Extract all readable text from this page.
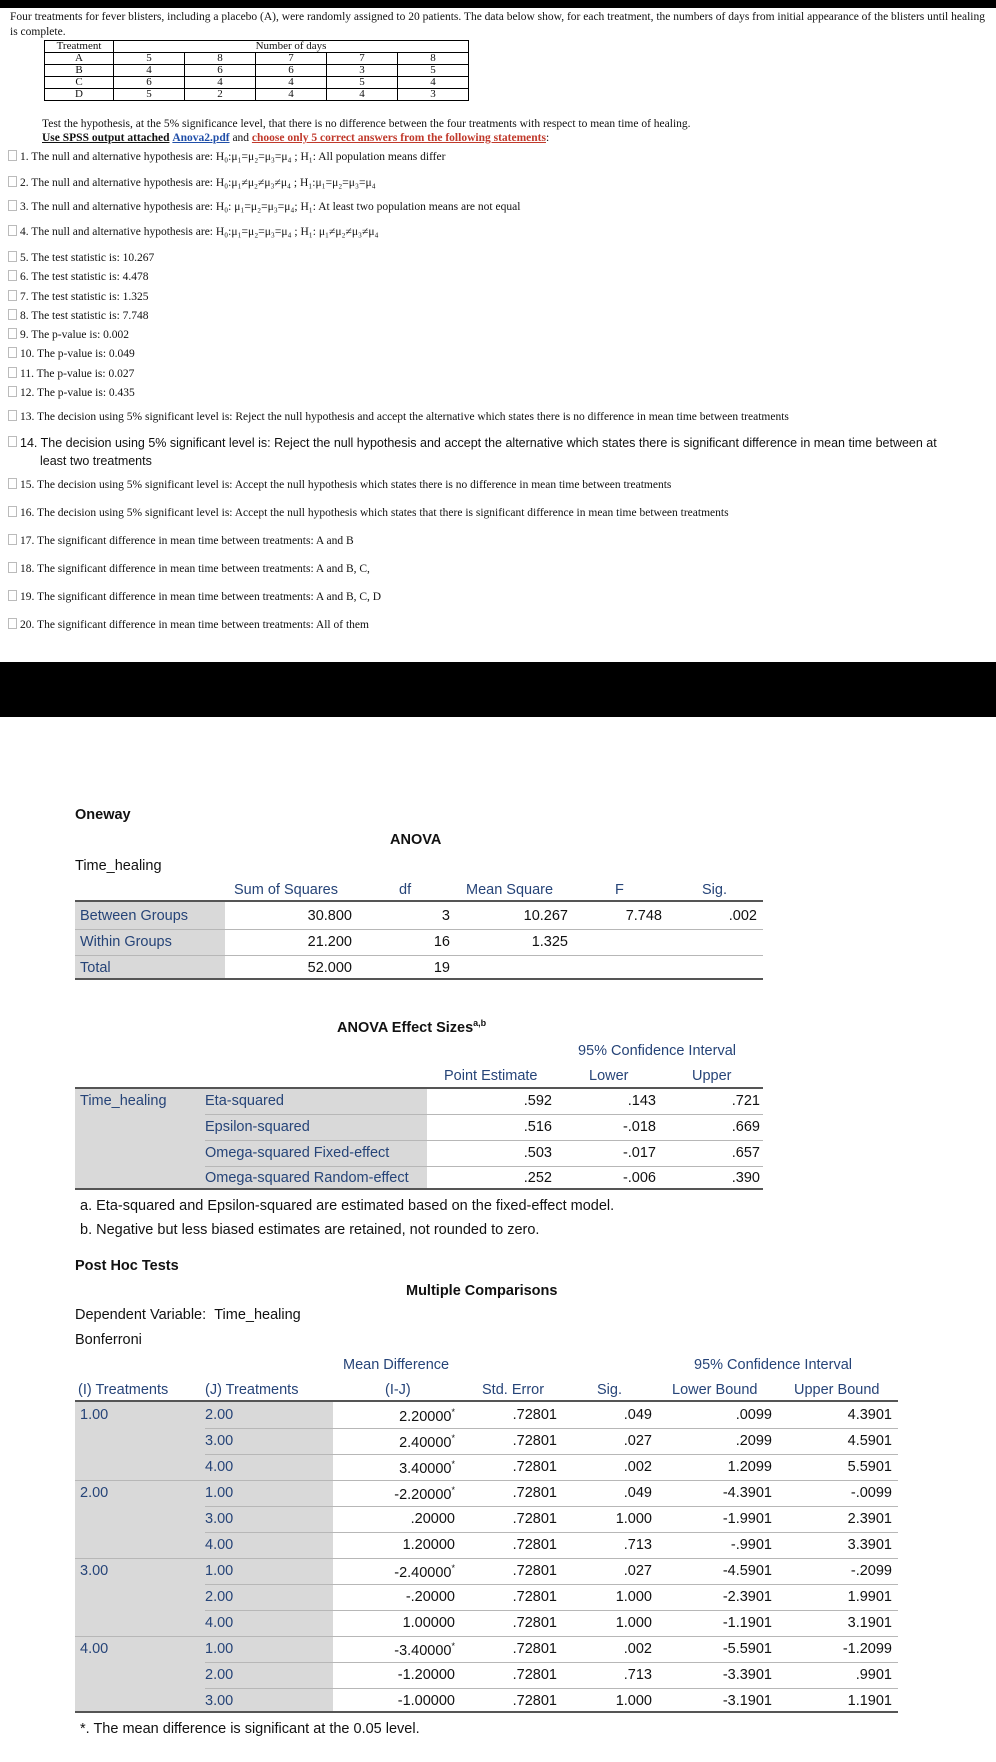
Four treatments for fever blisters, including a placebo (A), were randomly assigned to 20 patients. The data below show, for each treatment, the numbers of days from initial appearance of the blisters until healing is complete.
Treatment	Number of days				
A	5	8	7	7	8
B	4	6	6	3	5
C	6	4	4	5	4
D	5	2	4	4	3
Test the hypothesis, at the 5% significance level, that there is no difference between the four treatments with respect to mean time of healing.
Use SPSS output attached Anova2.pdf and choose only 5 correct answers from the following statements:
1. The null and alternative hypothesis are: H₀:μ₁=μ₂=μ₃=μ₄ ; H₁: All population means differ
2. The null and alternative hypothesis are: H₀:μ₁≠μ₂≠μ₃≠μ₄ ; H₁:μ₁=μ₂=μ₃=μ₄
3. The null and alternative hypothesis are: H₀: μ₁=μ₂=μ₃=μ₄; H₁: At least two population means are not equal
4. The null and alternative hypothesis are: H₀:μ₁=μ₂=μ₃=μ₄ ; H₁: μ₁≠μ₂≠μ₃≠μ₄
5. The test statistic is: 10.267
6. The test statistic is: 4.478
7. The test statistic is: 1.325
8. The test statistic is: 7.748
9. The p-value is: 0.002
10. The p-value is: 0.049
11. The p-value is: 0.027
12. The p-value is: 0.435
13. The decision using 5% significant level is: Reject the null hypothesis and accept the alternative which states there is no difference in mean time between treatments
14. The decision using 5% significant level is: Reject the null hypothesis and accept the alternative which states there is significant difference in mean time between at
least two treatments
15. The decision using 5% significant level is: Accept the null hypothesis which states there is no difference in mean time between treatments
16. The decision using 5% significant level is: Accept the null hypothesis which states that there is significant difference in mean time between treatments
17. The significant difference in mean time between treatments: A and B
18. The significant difference in mean time between treatments: A and B, C,
19. The significant difference in mean time between treatments: A and B, C, D
20. The significant difference in mean time between treatments: All of them
Oneway
ANOVA
Time_healing
Sum of Squares	df	Mean Square	F	Sig.
Between Groups	30.800	3	10.267	7.748	.002
Within Groups	21.200	16	1.325
Total	52.000	19
ANOVA Effect Sizes$^{a,b}$
95% Confidence Interval
Point Estimate	Lower	Upper
Time_healing	Eta-squared	.592	.143	.721
Epsilon-squared	.516	-.018	.669
Omega-squared Fixed-effect	.503	-.017	.657
Omega-squared Random-effect	.252	-.006	.390
a. Eta-squared and Epsilon-squared are estimated based on the fixed-effect model.
b. Negative but less biased estimates are retained, not rounded to zero.
Post Hoc Tests
Multiple Comparisons
Dependent Variable: Time_healing
Bonferroni
Mean Difference	95% Confidence Interval
(I) Treatments	(J) Treatments	(I-J)	Std. Error	Sig.	Lower Bound	Upper Bound
1.00	2.00	2.20000*	.72801	.049	.0099	4.3901
3.00	2.40000*	.72801	.027	.2099	4.5901
4.00	3.40000*	.72801	.002	1.2099	5.5901
2.00	1.00	-2.20000*	.72801	.049	-4.3901	-.0099
3.00	.20000	.72801	1.000	-1.9901	2.3901
4.00	1.20000	.72801	.713	-.9901	3.3901
3.00	1.00	-2.40000*	.72801	.027	-4.5901	-.2099
2.00	-.20000	.72801	1.000	-2.3901	1.9901
4.00	1.00000	.72801	1.000	-1.1901	3.1901
4.00	1.00	-3.40000*	.72801	.002	-5.5901	-1.2099
2.00	-1.20000	.72801	.713	-3.3901	.9901
3.00	-1.00000	.72801	1.000	-3.1901	1.1901
*. The mean difference is significant at the 0.05 level.
